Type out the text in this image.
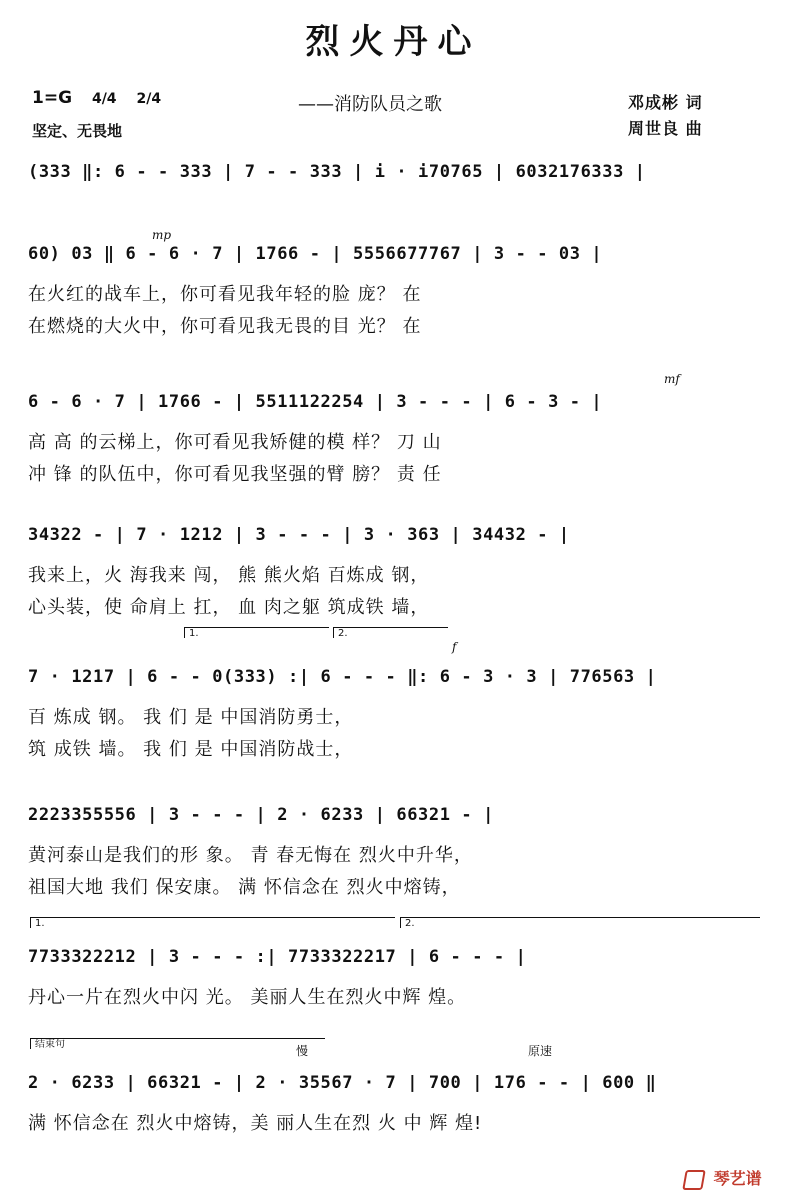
烈火丹心
1=G 4/4 2/4
坚定、无畏地
——消防队员之歌	邓成彬 词
周世良 曲
mp
mf
f
慢	原速
1.	2.
1.	2.
结束句
(333 ‖: 6 - - 333 | 7 - - 333 | i · i70765 | 6032176333 |
60) 03 ‖ 6 - 6 · 7 | 1766 - | 5556677767 | 3 - - 03 |
在火红的战车上，你可看见我年轻的脸 庞？ 在
在燃烧的大火中，你可看见我无畏的目 光？ 在
6 - 6 · 7 | 1766 - | 5511122254 | 3 - - - | 6 - 3 - |
高 高 的云梯上，你可看见我矫健的模 样？ 刀 山
冲 锋 的队伍中，你可看见我坚强的臂 膀？ 责 任
34322 - | 7 · 1212 | 3 - - - | 3 · 363 | 34432 - |
我来上，火 海我来 闯， 熊 熊火焰 百炼成 钢，
心头装，使 命肩上 扛， 血 肉之躯 筑成铁 墙，
7 · 1217 | 6 - - 0(333) :| 6 - - - ‖: 6 - 3 · 3 | 776563 |
百 炼成 钢。 我 们 是 中国消防勇士，
筑 成铁 墙。 我 们 是 中国消防战士，
2223355556 | 3 - - - | 2 · 6233 | 66321 - |
黄河泰山是我们的形 象。 青 春无悔在 烈火中升华，
祖国大地 我们 保安康。 满 怀信念在 烈火中熔铸，
7733322212 | 3 - - - :| 7733322217 | 6 - - - |
丹心一片在烈火中闪 光。 美丽人生在烈火中辉 煌。
2 · 6233 | 66321 - | 2 · 35567 · 7 | 700 | 176 - - | 600 ‖
满 怀信念在 烈火中熔铸，美 丽人生在烈 火 中 辉 煌!
琴艺谱
